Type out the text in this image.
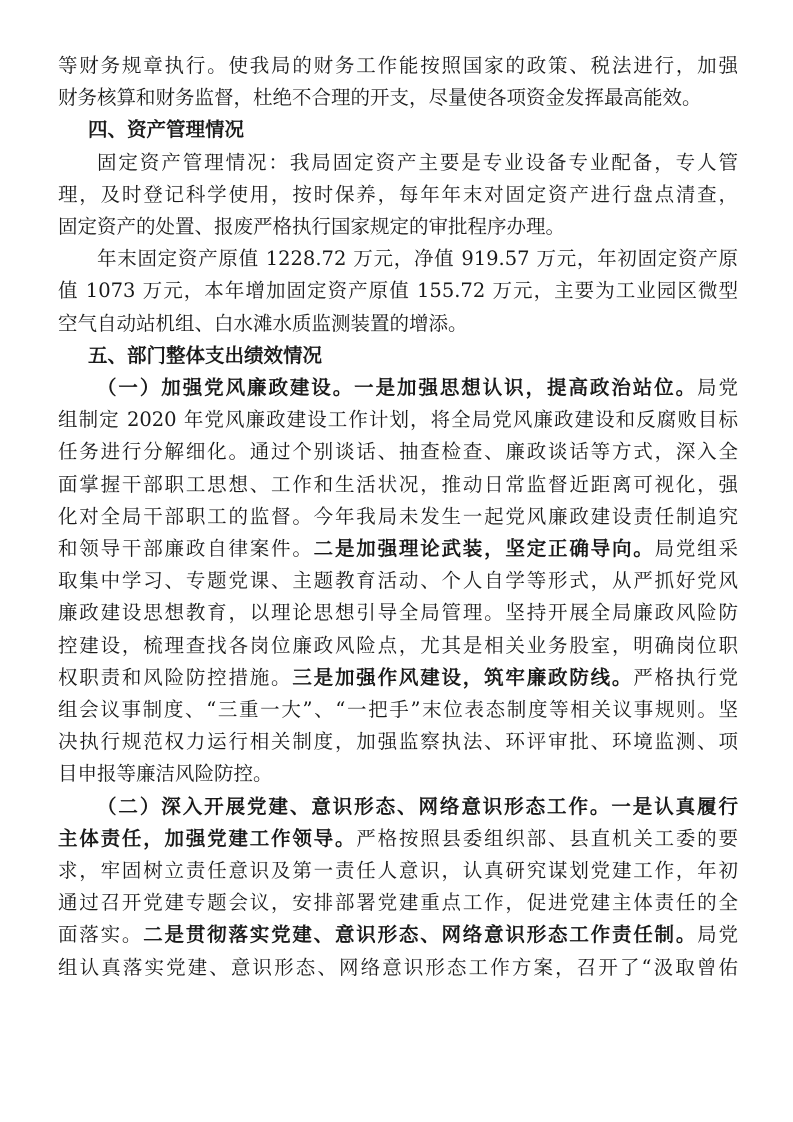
等财务规章执行。使我局的财务工作能按照国家的政策、税法进行，加强
财务核算和财务监督，杜绝不合理的开支，尽量使各项资金发挥最高能效。

四、资产管理情况

固定资产管理情况：我局固定资产主要是专业设备专业配备，专人管
理，及时登记科学使用，按时保养，每年年末对固定资产进行盘点清查，
固定资产的处置、报废严格执行国家规定的审批程序办理。

年末固定资产原值 1228.72 万元，净值 919.57 万元，年初固定资产原
值 1073 万元，本年增加固定资产原值 155.72 万元，主要为工业园区微型
空气自动站机组、白水滩水质监测装置的增添。

五、部门整体支出绩效情况

（一）加强党风廉政建设。一是加强思想认识，提高政治站位。局党
组制定 2020 年党风廉政建设工作计划，将全局党风廉政建设和反腐败目标
任务进行分解细化。通过个别谈话、抽查检查、廉政谈话等方式，深入全
面掌握干部职工思想、工作和生活状况，推动日常监督近距离可视化，强
化对全局干部职工的监督。今年我局未发生一起党风廉政建设责任制追究
和领导干部廉政自律案件。二是加强理论武装，坚定正确导向。局党组采
取集中学习、专题党课、主题教育活动、个人自学等形式，从严抓好党风
廉政建设思想教育，以理论思想引导全局管理。坚持开展全局廉政风险防
控建设，梳理查找各岗位廉政风险点，尤其是相关业务股室，明确岗位职
权职责和风险防控措施。三是加强作风建设，筑牢廉政防线。严格执行党
组会议事制度、“三重一大”、“一把手”末位表态制度等相关议事规则。坚
决执行规范权力运行相关制度，加强监察执法、环评审批、环境监测、项
目申报等廉洁风险防控。

（二）深入开展党建、意识形态、网络意识形态工作。一是认真履行
主体责任，加强党建工作领导。严格按照县委组织部、县直机关工委的要
求，牢固树立责任意识及第一责任人意识，认真研究谋划党建工作，年初
通过召开党建专题会议，安排部署党建重点工作，促进党建主体责任的全
面落实。二是贯彻落实党建、意识形态、网络意识形态工作责任制。局党
组认真落实党建、意识形态、网络意识形态工作方案，召开了“汲取曾佑
